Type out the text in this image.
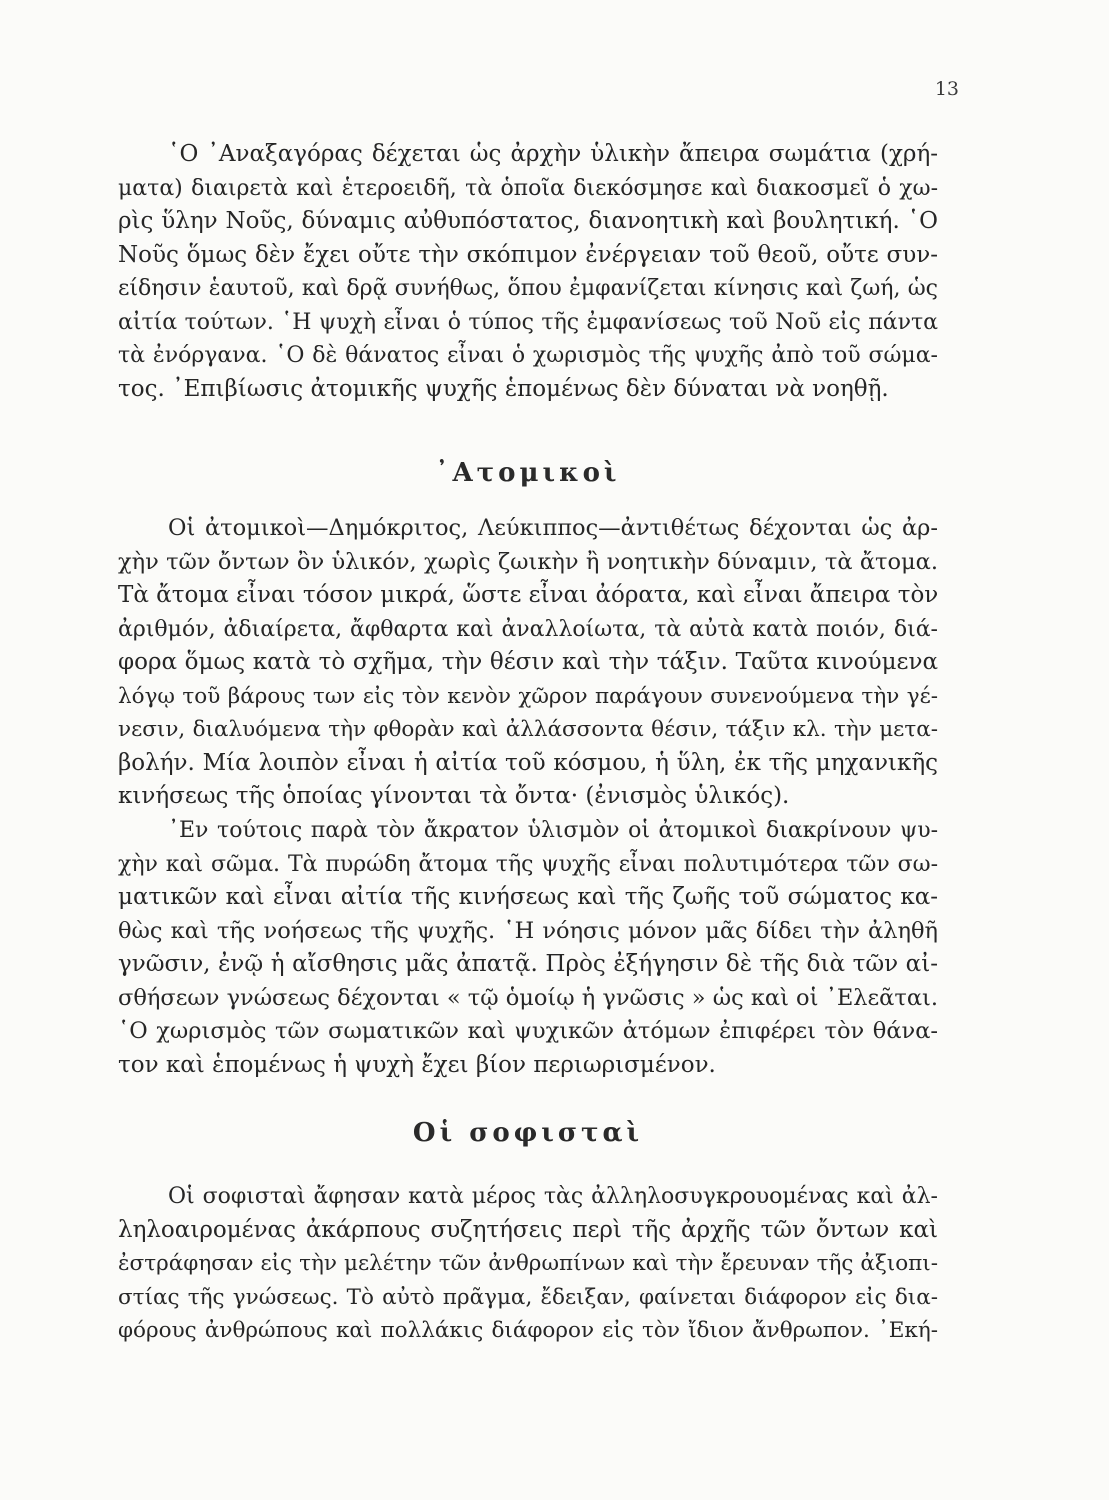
13
῾Ο ᾽Αναξαγόρας δέχεται ὡς ἀρχὴν ὑλικὴν ἄπειρα σωμάτια (χρή-
ματα) διαιρετὰ καὶ ἑτεροειδῆ, τὰ ὁποῖα διεκόσμησε καὶ διακοσμεῖ ὁ χω-
ρὶς ὕλην Νοῦς, δύναμις αὐθυπόστατος, διανοητικὴ καὶ βουλητική. ῾Ο
Νοῦς ὅμως δὲν ἔχει οὔτε τὴν σκόπιμον ἐνέργειαν τοῦ θεοῦ, οὔτε συν-
είδησιν ἑαυτοῦ, καὶ δρᾷ συνήθως, ὅπου ἐμφανίζεται κίνησις καὶ ζωή, ὡς
αἰτία τούτων. ῾Η ψυχὴ εἶναι ὁ τύπος τῆς ἐμφανίσεως τοῦ Νοῦ εἰς πάντα
τὰ ἐνόργανα. ῾Ο δὲ θάνατος εἶναι ὁ χωρισμὸς τῆς ψυχῆς ἀπὸ τοῦ σώμα-
τος. ᾽Επιβίωσις ἀτομικῆς ψυχῆς ἑπομένως δὲν δύναται νὰ νοηθῇ.
᾽Ατομικοὶ
Οἱ ἀτομικοὶ—Δημόκριτος, Λεύκιππος—ἀντιθέτως δέχονται ὡς ἀρ-
χὴν τῶν ὄντων ὂν ὑλικόν, χωρὶς ζωικὴν ἢ νοητικὴν δύναμιν, τὰ ἄτομα.
Τὰ ἄτομα εἶναι τόσον μικρά, ὥστε εἶναι ἀόρατα, καὶ εἶναι ἄπειρα τὸν
ἀριθμόν, ἀδιαίρετα, ἄφθαρτα καὶ ἀναλλοίωτα, τὰ αὐτὰ κατὰ ποιόν, διά-
φορα ὅμως κατὰ τὸ σχῆμα, τὴν θέσιν καὶ τὴν τάξιν. Ταῦτα κινούμενα
λόγῳ τοῦ βάρους των εἰς τὸν κενὸν χῶρον παράγουν συνενούμενα τὴν γέ-
νεσιν, διαλυόμενα τὴν φθορὰν καὶ ἀλλάσσοντα θέσιν, τάξιν κλ. τὴν μετα-
βολήν. Μία λοιπὸν εἶναι ἡ αἰτία τοῦ κόσμου, ἡ ὕλη, ἐκ τῆς μηχανικῆς
κινήσεως τῆς ὁποίας γίνονται τὰ ὄντα· (ἐνισμὸς ὑλικός).
᾽Εν τούτοις παρὰ τὸν ἄκρατον ὑλισμὸν οἱ ἀτομικοὶ διακρίνουν ψυ-
χὴν καὶ σῶμα. Τὰ πυρώδη ἄτομα τῆς ψυχῆς εἶναι πολυτιμότερα τῶν σω-
ματικῶν καὶ εἶναι αἰτία τῆς κινήσεως καὶ τῆς ζωῆς τοῦ σώματος κα-
θὼς καὶ τῆς νοήσεως τῆς ψυχῆς. ῾Η νόησις μόνον μᾶς δίδει τὴν ἀληθῆ
γνῶσιν, ἐνῷ ἡ αἴσθησις μᾶς ἀπατᾷ. Πρὸς ἐξήγησιν δὲ τῆς διὰ τῶν αἰ-
σθήσεων γνώσεως δέχονται « τῷ ὁμοίῳ ἡ γνῶσις » ὡς καὶ οἱ ᾽Ελεᾶται.
῾Ο χωρισμὸς τῶν σωματικῶν καὶ ψυχικῶν ἀτόμων ἐπιφέρει τὸν θάνα-
τον καὶ ἑπομένως ἡ ψυχὴ ἔχει βίον περιωρισμένον.
Οἱ σοφισταὶ
Οἱ σοφισταὶ ἄφησαν κατὰ μέρος τὰς ἀλληλοσυγκρουομένας καὶ ἀλ-
ληλοαιρομένας ἀκάρπους συζητήσεις περὶ τῆς ἀρχῆς τῶν ὄντων καὶ
ἐστράφησαν εἰς τὴν μελέτην τῶν ἀνθρωπίνων καὶ τὴν ἔρευναν τῆς ἀξιοπι-
στίας τῆς γνώσεως. Τὸ αὐτὸ πρᾶγμα, ἔδειξαν, φαίνεται διάφορον εἰς δια-
φόρους ἀνθρώπους καὶ πολλάκις διάφορον εἰς τὸν ἴδιον ἄνθρωπον. ᾽Εκή-
